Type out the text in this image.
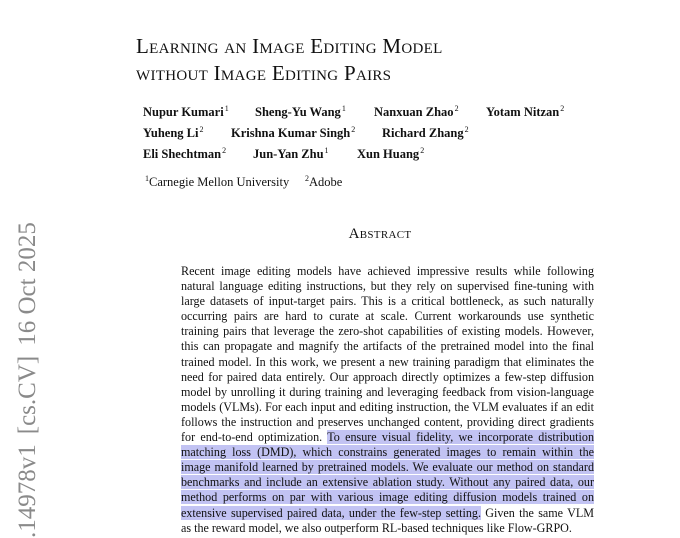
.14978v1[cs.CV]16 Oct 2025
Learning an Image Editing Model
without Image Editing Pairs
Nupur Kumari$^1$ Sheng-Yu Wang$^1$ Nanxuan Zhao$^2$ Yotam Nitzan$^2$
Yuheng Li$^2$ Krishna Kumar Singh$^2$ Richard Zhang$^2$
Eli Shechtman$^2$ Jun-Yan Zhu$^1$ Xun Huang$^2$
$^1$Carnegie Mellon University $^2$Adobe
Abstract
Recent image editing models have achieved impressive results while following
natural language editing instructions, but they rely on supervised fine-tuning with
large datasets of input-target pairs. This is a critical bottleneck, as such naturally
occurring pairs are hard to curate at scale. Current workarounds use synthetic
training pairs that leverage the zero-shot capabilities of existing models. However,
this can propagate and magnify the artifacts of the pretrained model into the final
trained model. In this work, we present a new training paradigm that eliminates the
need for paired data entirely. Our approach directly optimizes a few-step diffusion
model by unrolling it during training and leveraging feedback from vision-language
models (VLMs). For each input and editing instruction, the VLM evaluates if an edit
follows the instruction and preserves unchanged content, providing direct gradients
for end-to-end optimization. To ensure visual fidelity, we incorporate distribution
matching loss (DMD), which constrains generated images to remain within the
image manifold learned by pretrained models. We evaluate our method on standard
benchmarks and include an extensive ablation study. Without any paired data, our
method performs on par with various image editing diffusion models trained on
extensive supervised paired data, under the few-step setting. Given the same VLM
as the reward model, we also outperform RL-based techniques like Flow-GRPO.
